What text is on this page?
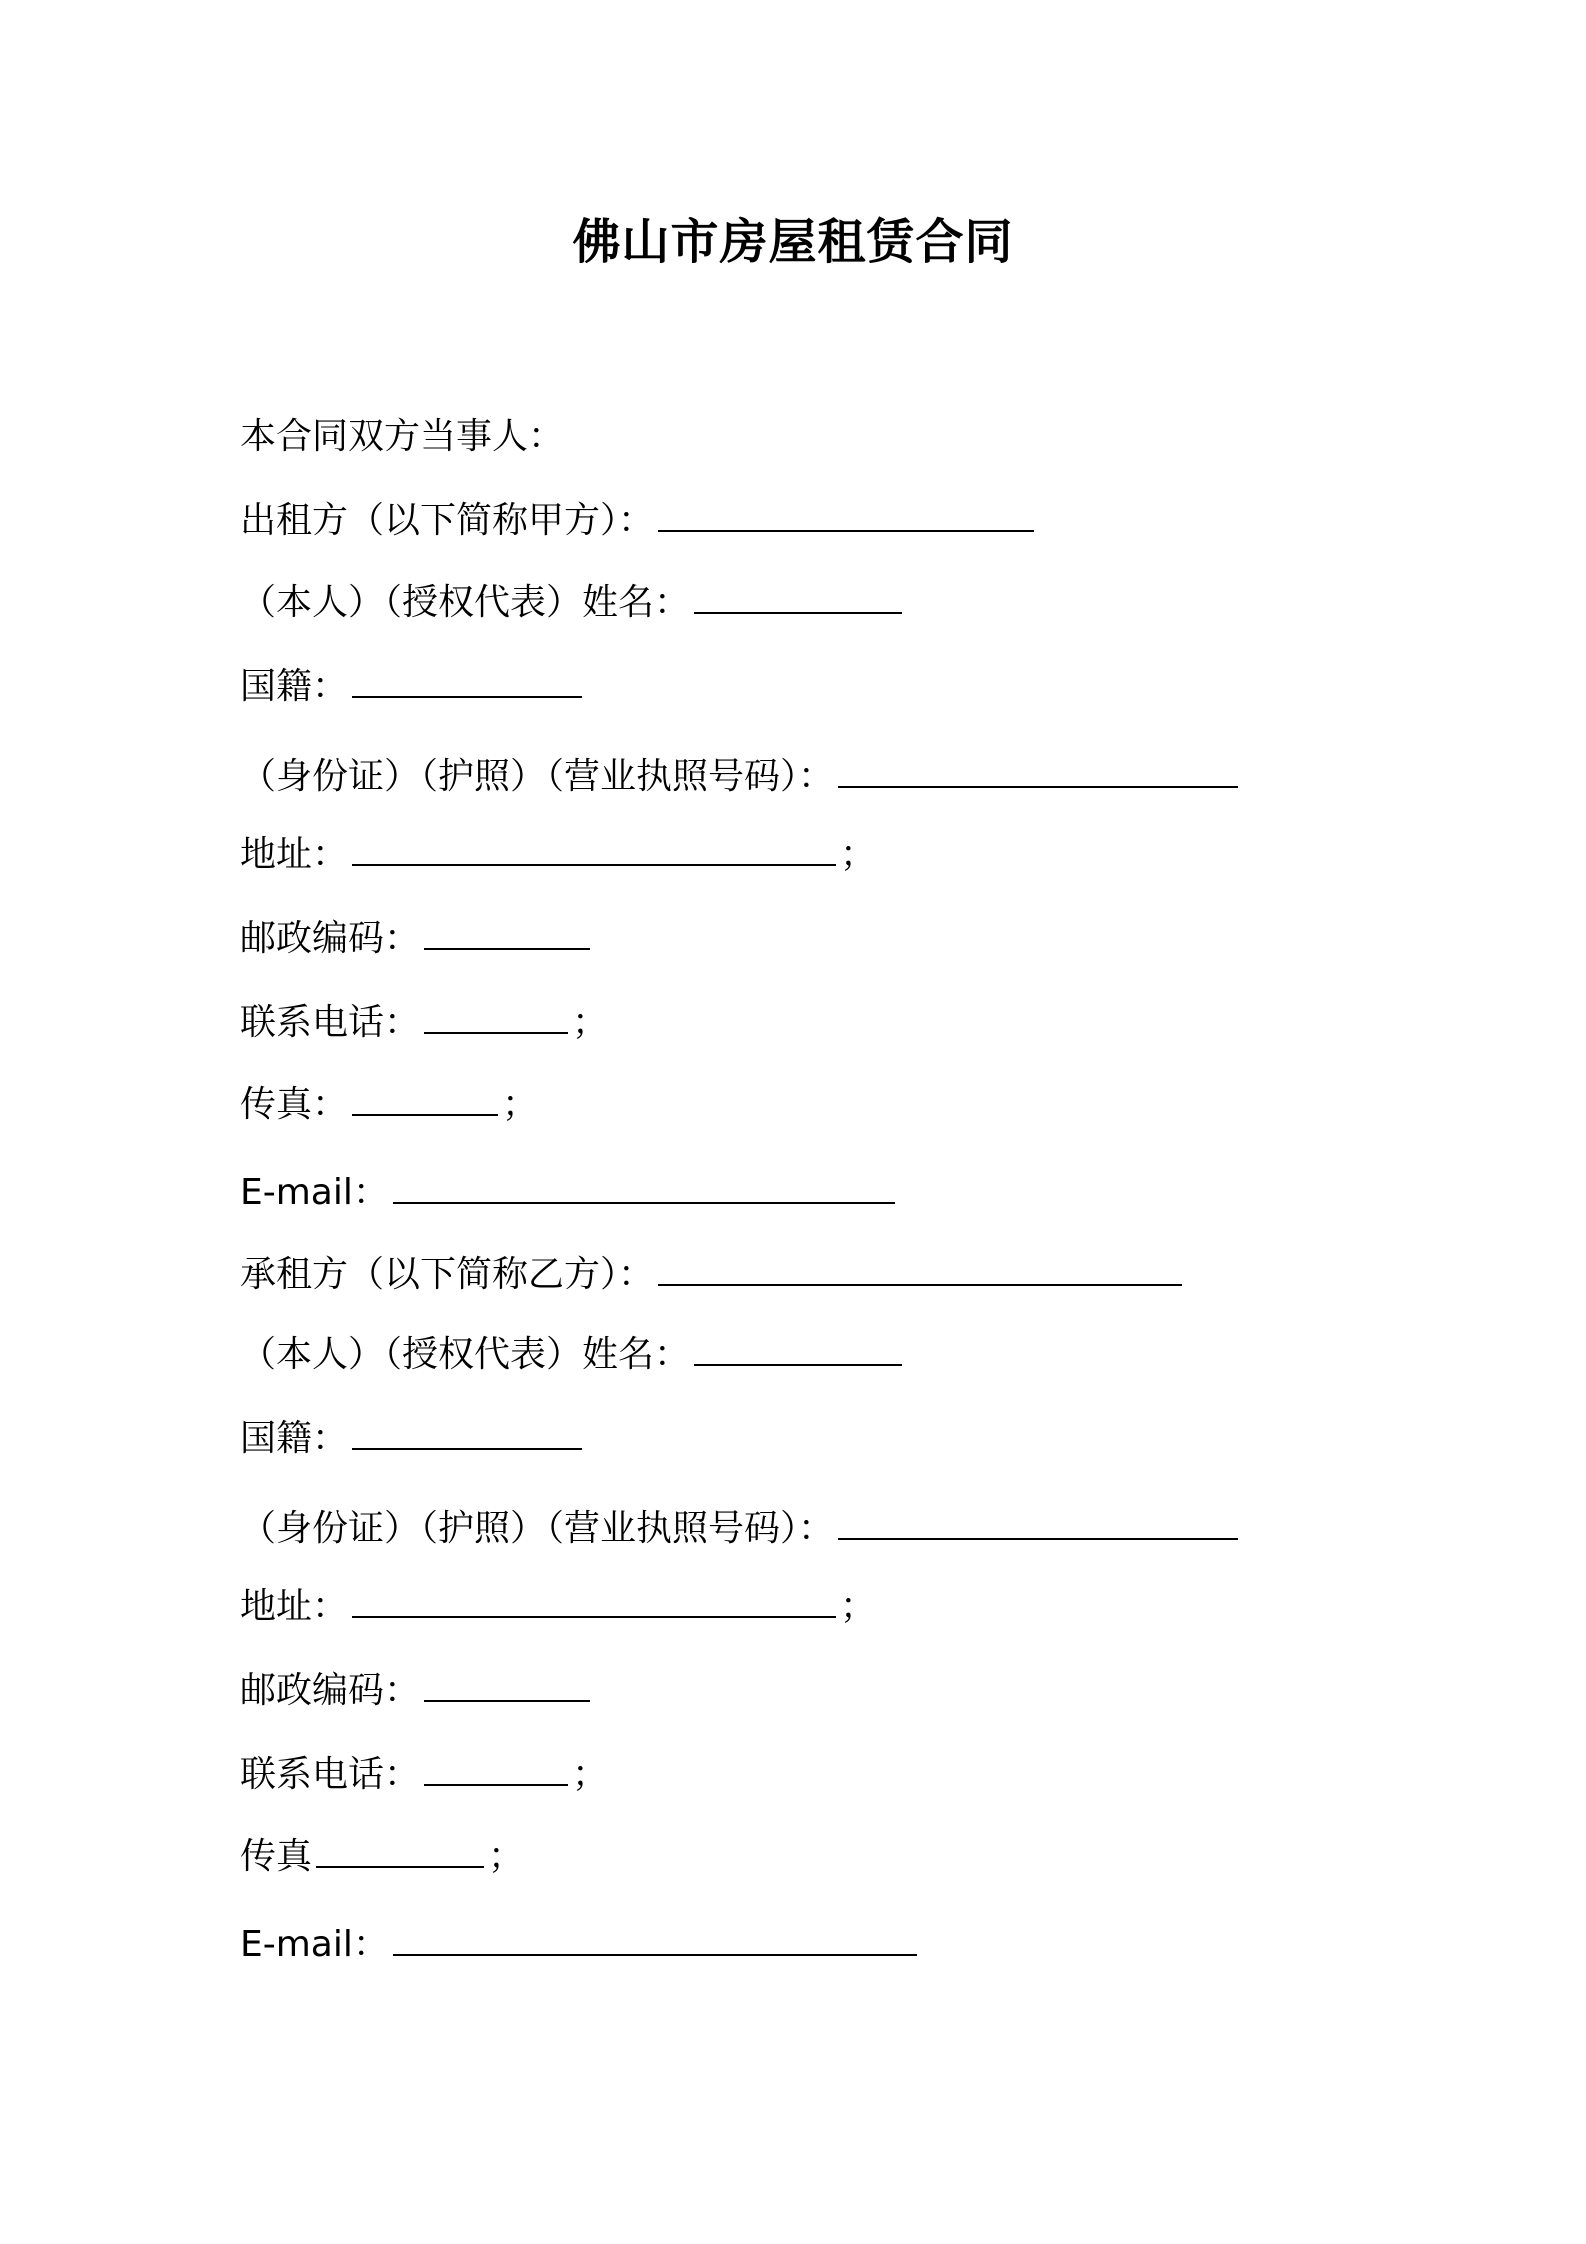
佛山市房屋租赁合同
本合同双方当事人：
出租方（以下简称甲方）：
（本人）（授权代表）姓名：
国籍：
（身份证）（护照）（营业执照号码）：
地址：	；
邮政编码：
联系电话：	；
传真：	；
E-mail：
承租方（以下简称乙方）：
（本人）（授权代表）姓名：
国籍：
（身份证）（护照）（营业执照号码）：
地址：	；
邮政编码：
联系电话：	；
传真	；
E-mail：
